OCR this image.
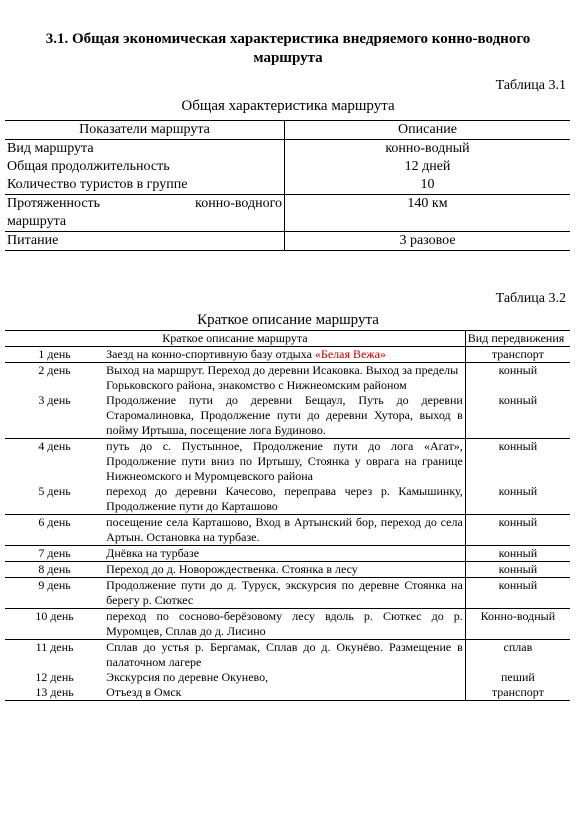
3.1. Общая экономическая характеристика внедряемого конно-водного
маршрута
Таблица 3.1
Общая характеристика маршрута
Показатели маршрута	Описание
Вид маршрута	конно-водный
Общая продолжительность	12 дней
Количество туристов в группе	10

Протяженность конно-водного
маршрута	140 км
Питание	3 разовое
Таблица 3.2
Краткое описание маршрута
Краткое описание маршрута		Вид передвижения
1 день	Заезд на конно-спортивную базу отдыха «Белая Вежа»	транспорт
2 день	Выход на маршрут. Переход до деревни Исаковка. Выход за пределы Горьковского района, знакомство с Нижнеомским районом	конный
3 день	Продолжение пути до деревни Бещаул, Путь до деревни Старомалиновка, Продолжение пути до деревни Хутора, выход в пойму Иртыша, посещение лога Будиново.	конный
4 день	путь до с. Пустынное, Продолжение пути до лога «Агат», Продолжение пути вниз по Иртышу, Стоянка у оврага на границе Нижнеомского и Муромцевского района	конный
5 день	переход до деревни Качесово, переправа через р. Камышинку, Продолжение пути до Карташово	конный
6 день	посещение села Карташово, Вход в Артынский бор, переход до села Артын. Остановка на турбазе.	конный
7 день	Днёвка на турбазе	конный
8 день	Переход до д. Новорождественка. Стоянка в лесу	конный
9 день	Продолжение пути до д. Туруск, экскурсия по деревне Стоянка на берегу р. Сюткес	конный
10 день	переход по сосново-берёзовому лесу вдоль р. Сюткес до р. Муромцев, Сплав до д. Лисино	Конно-водный
11 день	Сплав до устья р. Бергамак, Сплав до д. Окунёво. Размещение в палаточном лагере	сплав
12 день	Экскурсия по деревне Окунево,	пеший
13 день	Отъезд в Омск	транспорт
